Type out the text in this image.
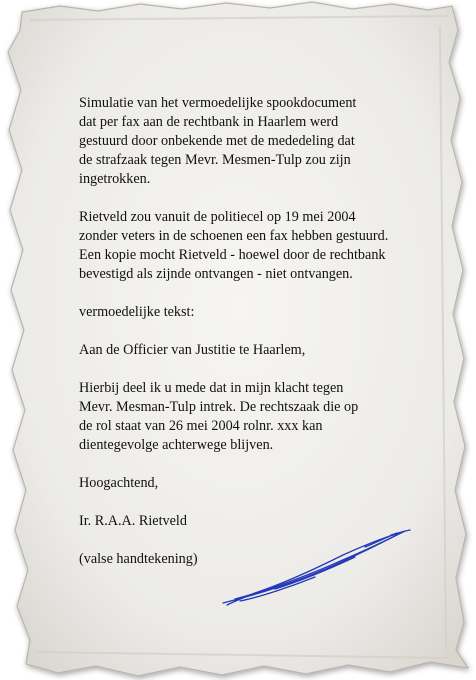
Simulatie van het vermoedelijke spookdocument
dat per fax aan de rechtbank in Haarlem werd
gestuurd door onbekende met de mededeling dat
de strafzaak tegen Mevr. Mesmen-Tulp zou zijn
ingetrokken.
Rietveld zou vanuit de politiecel op 19 mei 2004
zonder veters in de schoenen een fax hebben gestuurd.
Een kopie mocht Rietveld - hoewel door de rechtbank
bevestigd als zijnde ontvangen - niet ontvangen.
vermoedelijke tekst:
Aan de Officier van Justitie te Haarlem,
Hierbij deel ik u mede dat in mijn klacht tegen
Mevr. Mesman-Tulp intrek. De rechtszaak die op
de rol staat van 26 mei 2004 rolnr. xxx kan
dientegevolge achterwege blijven.
Hoogachtend,
Ir. R.A.A. Rietveld
(valse handtekening)
